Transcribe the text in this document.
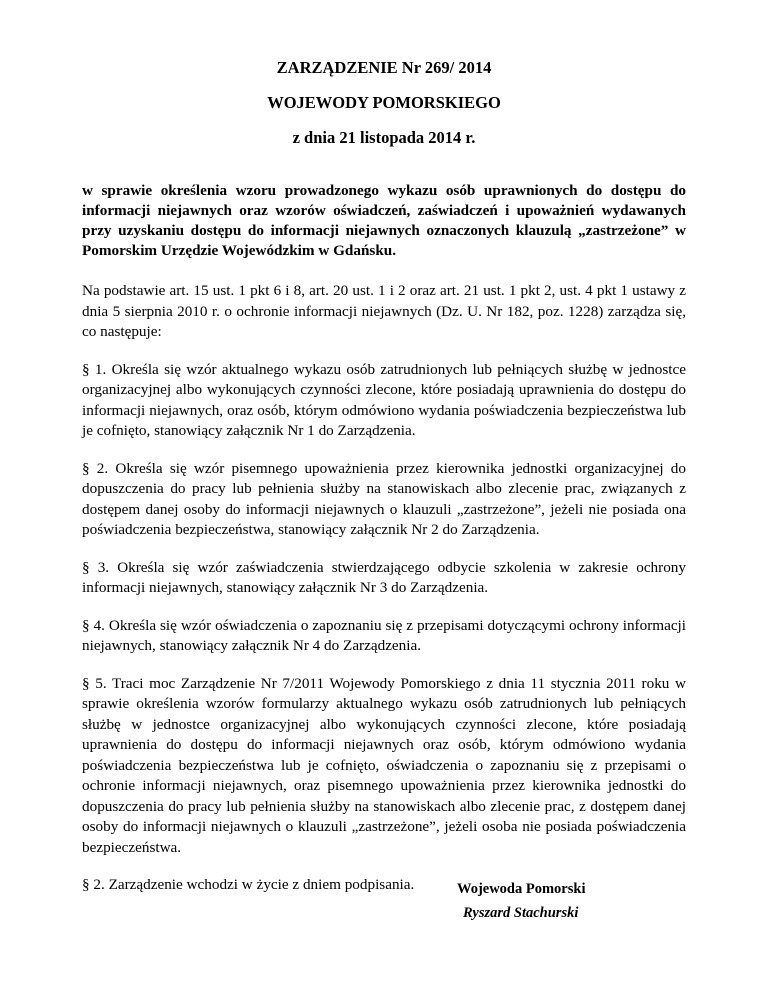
ZARZĄDZENIE Nr 269/ 2014
WOJEWODY POMORSKIEGO
z dnia 21 listopada 2014 r.
w sprawie określenia wzoru prowadzonego wykazu osób uprawnionych do dostępu do informacji niejawnych oraz wzorów oświadczeń, zaświadczeń i upoważnień wydawanych przy uzyskaniu dostępu do informacji niejawnych oznaczonych klauzulą „zastrzeżone” w Pomorskim Urzędzie Wojewódzkim w Gdańsku.
Na podstawie art. 15 ust. 1 pkt 6 i 8, art. 20 ust. 1 i 2 oraz art. 21 ust. 1 pkt 2, ust. 4 pkt 1 ustawy z dnia 5 sierpnia 2010 r. o ochronie informacji niejawnych (Dz. U. Nr 182, poz. 1228) zarządza się, co następuje:
§ 1. Określa się wzór aktualnego wykazu osób zatrudnionych lub pełniących służbę w jednostce organizacyjnej albo wykonujących czynności zlecone, które posiadają uprawnienia do dostępu do informacji niejawnych, oraz osób, którym odmówiono wydania poświadczenia bezpieczeństwa lub je cofnięto, stanowiący załącznik Nr 1 do Zarządzenia.
§ 2. Określa się wzór pisemnego upoważnienia przez kierownika jednostki organizacyjnej do dopuszczenia do pracy lub pełnienia służby na stanowiskach albo zlecenie prac, związanych z dostępem danej osoby do informacji niejawnych o klauzuli „zastrzeżone”, jeżeli nie posiada ona poświadczenia bezpieczeństwa, stanowiący załącznik Nr 2 do Zarządzenia.
§ 3. Określa się wzór zaświadczenia stwierdzającego odbycie szkolenia w zakresie ochrony informacji niejawnych, stanowiący załącznik Nr 3 do Zarządzenia.
§ 4. Określa się wzór oświadczenia o zapoznaniu się z przepisami dotyczącymi ochrony informacji niejawnych, stanowiący załącznik Nr 4 do Zarządzenia.
§ 5. Traci moc Zarządzenie Nr 7/2011 Wojewody Pomorskiego z dnia 11 stycznia 2011 roku w sprawie określenia wzorów formularzy aktualnego wykazu osób zatrudnionych lub pełniących służbę w jednostce organizacyjnej albo wykonujących czynności zlecone, które posiadają uprawnienia do dostępu do informacji niejawnych oraz osób, którym odmówiono wydania poświadczenia bezpieczeństwa lub je cofnięto, oświadczenia o zapoznaniu się z przepisami o ochronie informacji niejawnych, oraz pisemnego upoważnienia przez kierownika jednostki do dopuszczenia do pracy lub pełnienia służby na stanowiskach albo zlecenie prac, z dostępem danej osoby do informacji niejawnych o klauzuli „zastrzeżone”, jeżeli osoba nie posiada poświadczenia bezpieczeństwa.
§ 2. Zarządzenie wchodzi w życie z dniem podpisania.	Wojewoda Pomorski
Ryszard Stachurski
